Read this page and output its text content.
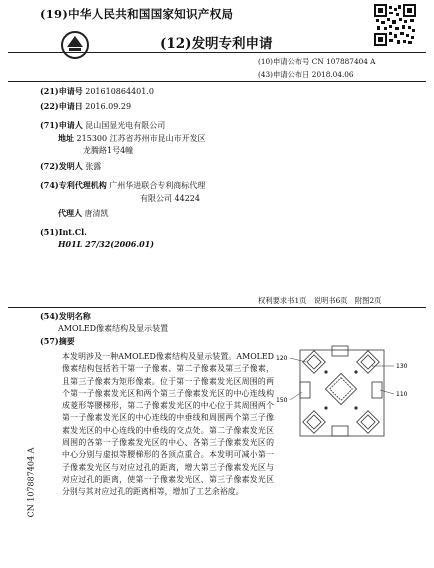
(19)中华人民共和国国家知识产权局
(12)发明专利申请
(10)申请公布号 CN 107887404 A
(43)申请公布日 2018.04.06
(21)申请号 201610864401.0
(22)申请日 2016.09.29
(71)申请人 昆山国显光电有限公司
地址 215300 江苏省苏州市昆山市开发区
龙腾路1号4幢
(72)发明人 张露
(74)专利代理机构 广州华进联合专利商标代理
有限公司 44224
代理人 唐清凯
(51)Int.Cl.
H01L 27/32(2006.01)
权利要求书1页　说明书6页　附图2页
(54)发明名称
AMOLED像素结构及显示装置
(57)摘要
本发明涉及一种AMOLED像素结构及显示装置。AMOLED像素结构包括若干第一子像素、第二子像素及第三子像素，且第三子像素为矩形像素。位于第一子像素发光区周围的两个第一子像素发光区和两个第三子像素发光区的中心连线构成菱形等腰梯形，第二子像素发光区的中心位于其周围两个第一子像素发光区的中心连线的中垂线和周围两个第三子像素发光区的中心连线的中垂线的交点处。第二子像素发光区周围的各第一子像素发光区的中心、各第三子像素发光区的中心分别与虚拟等腰梯形的各顶点重合。本发明可减小第一子像素发光区与对应过孔的距离，增大第三子像素发光区与对应过孔的距离，使第一子像素发光区、第三子像素发光区分别与其对应过孔的距离相等，增加了工艺余裕度。
120
150
130
110
CN 107887404 A
